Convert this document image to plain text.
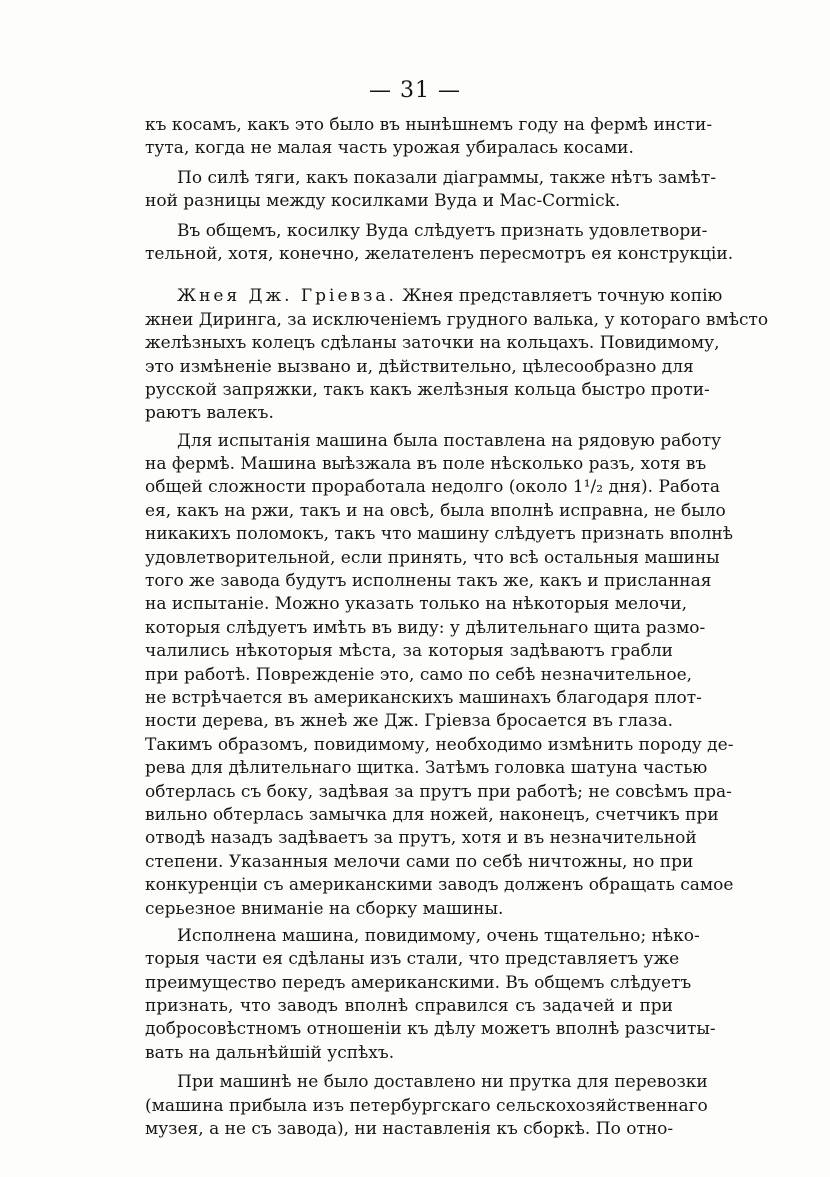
— 31 —
къ косамъ, какъ это было въ нынѣшнемъ году на фермѣ инсти-
тута, когда не малая часть урожая убиралась косами.
По силѣ тяги, какъ показали діаграммы, также нѣтъ замѣт-
ной разницы между косилками Вуда и Mac-Cormick.
Въ общемъ, косилку Вуда слѣдуетъ признать удовлетвори-
тельной, хотя, конечно, желателенъ пересмотръ ея конструкціи.
Жнея Дж. Гріевза. Жнея представляетъ точную копію
жнеи Диринга, за исключеніемъ грудного валька, у котораго вмѣсто
желѣзныхъ колецъ сдѣланы заточки на кольцахъ. Повидимому,
это измѣненіе вызвано и, дѣйствительно, цѣлесообразно для
русской запряжки, такъ какъ желѣзныя кольца быстро проти-
раютъ валекъ.
Для испытанія машина была поставлена на рядовую работу
на фермѣ. Машина выѣзжала въ поле нѣсколько разъ, хотя въ
общей сложности проработала недолго (около 1¹/₂ дня). Работа
ея, какъ на ржи, такъ и на овсѣ, была вполнѣ исправна, не было
никакихъ поломокъ, такъ что машину слѣдуетъ признать вполнѣ
удовлетворительной, если принять, что всѣ остальныя машины
того же завода будутъ исполнены такъ же, какъ и присланная
на испытаніе. Можно указать только на нѣкоторыя мелочи,
которыя слѣдуетъ имѣть въ виду: у дѣлительнаго щита размо-
чалились нѣкоторыя мѣста, за которыя задѣваютъ грабли
при работѣ. Поврежденіе это, само по себѣ незначительное,
не встрѣчается въ американскихъ машинахъ благодаря плот-
ности дерева, въ жнеѣ же Дж. Гріевза бросается въ глаза.
Такимъ образомъ, повидимому, необходимо измѣнить породу де-
рева для дѣлительнаго щитка. Затѣмъ головка шатуна частью
обтерлась съ боку, задѣвая за прутъ при работѣ; не совсѣмъ пра-
вильно обтерлась замычка для ножей, наконецъ, счетчикъ при
отводѣ назадъ задѣваетъ за прутъ, хотя и въ незначительной
степени. Указанныя мелочи сами по себѣ ничтожны, но при
конкуренціи съ американскими заводъ долженъ обращать самое
серьезное вниманіе на сборку машины.
Исполнена машина, повидимому, очень тщательно; нѣко-
торыя части ея сдѣланы изъ стали, что представляетъ уже
преимущество передъ американскими. Въ общемъ слѣдуетъ
признать, что заводъ вполнѣ справился съ задачей и при
добросовѣстномъ отношеніи къ дѣлу можетъ вполнѣ разсчиты-
вать на дальнѣйшій успѣхъ.
При машинѣ не было доставлено ни прутка для перевозки
(машина прибыла изъ петербургскаго сельскохозяйственнаго
музея, а не съ завода), ни наставленія къ сборкѣ. По отно-
